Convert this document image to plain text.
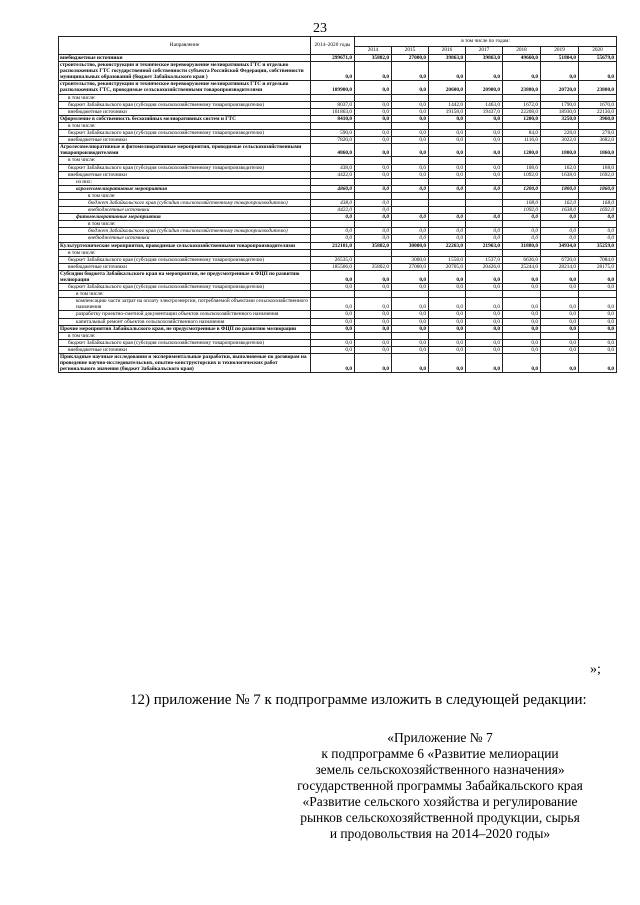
23
Направление	2014–2020 годы	в том числе по годам:						
		2014	2015	2016	2017	2018	2019	2020
внебюджетные источники	299671,0	35802,0	27000,0	39863,0	39863,0	49660,0	51804,0	55679,0
строительство, реконструкция и техническое перевооружение мелиоративных ГТС и отдельно расположенных ГТС государственной собственности субъекта Российской Федерации, собственности муниципальных образований (бюджет Забайкальского края )	0,0	0,0	0,0	0,0	0,0	0,0	0,0	0,0
строительство, реконструкция и техническое перевооружение мелиоративных ГТС и отдельно расположенных ГТС, проводимые сельскохозяйственными товаропроизводителями	109900,0	0,0	0,0	20600,0	20900,0	23880,0	20720,0	23800,0
в том числе:								
бюджет Забайкальского края (субсидия сельскохозяйственному товаропроизводителю)	8037,0	0,0	0,0	1442,0	1463,0	1672,0	1790,0	1670,0
внебюджетные источники	101863,0	0,0	0,0	19158,0	19437,0	22208,0	18930,0	22130,0
Оформление в собственность бесхозяйных мелиоративных систем и ГТС	8410,0	0,0	0,0	0,0	0,0	1200,0	3250,0	3960,0
в том числе:								
бюджет Забайкальского края (субсидия сельскохозяйственному товаропроизводителю)	590,0	0,0	0,0	0,0	0,0	84,0	228,0	278,0
внебюджетные источники	7820,0	0,0	0,0	0,0	0,0	1116,0	3022,0	3682,0
Агролесомелиоративные и фитомелиоративные мероприятия, проводимые сельскохозяйственными товаропроизводителями	4860,0	0,0	0,0	0,0	0,0	1200,0	1800,0	1860,0
в том числе:								
бюджет Забайкальского края (субсидия сельскохозяйственному товаропроизводителю)	438,0	0,0	0,0	0,0	0,0	108,0	162,0	168,0
внебюджетные источники	4422,0	0,0	0,0	0,0	0,0	1092,0	1638,0	1692,0
из них:								
агролесомелиоративные мероприятия	4860,0	0,0	0,0	0,0	0,0	1200,0	1800,0	1860,0
в том числе:								
бюджет Забайкальского края (субсидия сельскохозяйственному товаропроизводителю)	438,0	0,0				108,0	162,0	168,0
внебюджетные источники	4422,0	0,0				1092,0	1638,0	1692,0
фитомелиоративные мероприятия	0,0	0,0	0,0	0,0	0,0	0,0	0,0	0,0
в том числе:								
бюджет Забайкальского края (субсидия сельскохозяйственному товаропроизводителю)	0,0	0,0	0,0	0,0	0,0	0,0	0,0	0,0
внебюджетные источники	0,0	0,0	0,0	0,0	0,0	0,0	0,0	0,0
Культуртехнические мероприятия, проводимые сельскохозяйственными товаропроизводителями	212101,0	35802,0	30000,0	22263,0	21963,0	31880,0	34934,0	35259,0
в том числе:								
бюджет Забайкальского края (субсидия сельскохозяйственному товаропроизводителю)	26535,0		3000,0	1558,0	1537,0	6636,0	6720,0	7084,0
внебюджетные источники	185566,0	35802,0	27000,0	20705,0	20426,0	25244,0	28214,0	28175,0
Субсидии бюджета Забайкальского края на мероприятия, не предусмотренные в ФЦП по развитию мелиорации	0,0	0,0	0,0	0,0	0,0	0,0	0,0	0,0
бюджет Забайкальского края (субсидия сельскохозяйственному товаропроизводителю)	0,0	0,0	0,0	0,0	0,0	0,0	0,0	0,0
в том числе:								
компенсацию части затрат на оплату электроэнергии, потребляемой объектами сельскохозяйственного назначения	0,0	0,0	0,0	0,0	0,0	0,0	0,0	0,0
разработку проектно-сметной документации объектов сельскохозяйственного назначения	0,0	0,0	0,0	0,0	0,0	0,0	0,0	0,0
капитальный ремонт объектов сельскохозяйственного назначения	0,0	0,0	0,0	0,0	0,0	0,0	0,0	0,0
Прочие мероприятия Забайкальского края, не предусмотренные в ФЦП по развитию мелиорации	0,0	0,0	0,0	0,0	0,0	0,0	0,0	0,0
в том числе:								
бюджет Забайкальского края (субсидия сельскохозяйственному товаропроизводителю)	0,0	0,0	0,0	0,0	0,0	0,0	0,0	0,0
внебюджетные источники	0,0	0,0	0,0	0,0	0,0	0,0	0,0	0,0
Прикладные научные исследования и экспериментальные разработки, выполняемые по договорам на проведение научно-исследовательских, опытно-конструкторских и технологических работ регионального значения (бюджет Забайкальского края)	0,0	0,0	0,0	0,0	0,0	0,0	0,0	0,0
»;
12) приложение № 7 к подпрограмме изложить в следующей редакции:
«Приложение № 7
к подпрограмме 6 «Развитие мелиорации
земель сельскохозяйственного назначения»
государственной программы Забайкальского края
«Развитие сельского хозяйства и регулирование
рынков сельскохозяйственной продукции, сырья
и продовольствия на 2014–2020 годы»
